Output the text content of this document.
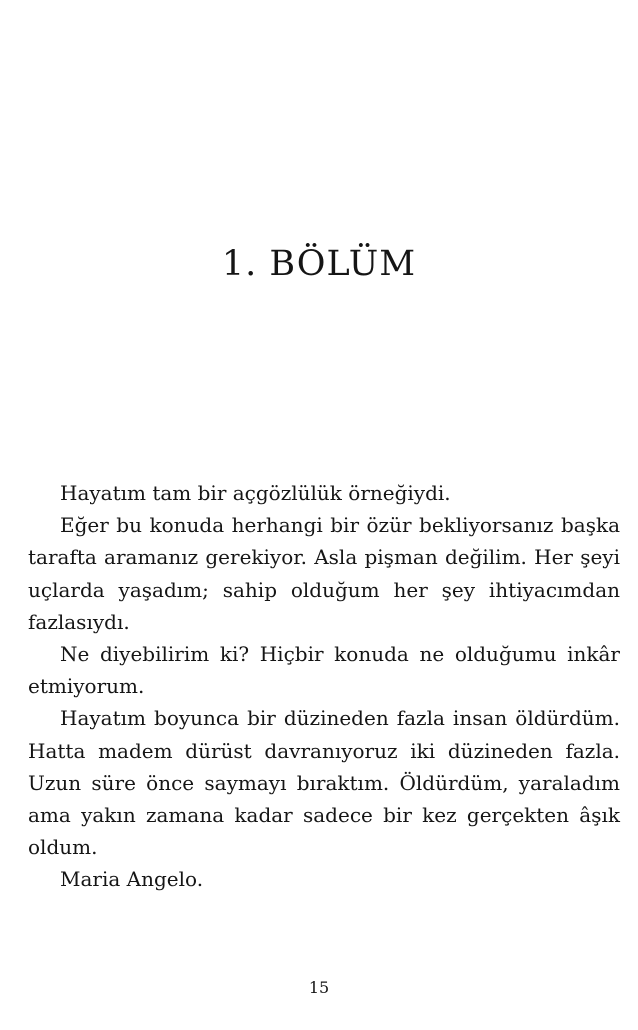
1. BÖLÜM

Hayatım tam bir açgözlülük örneğiydi.

Eğer bu konuda herhangi bir özür bekliyorsanız başka tarafta aramanız gerekiyor. Asla pişman değilim. Her şeyi uçlarda yaşadım; sahip olduğum her şey ihtiyacımdan fazlasıydı.

Ne diyebilirim ki? Hiçbir konuda ne olduğumu inkâr etmiyorum.

Hayatım boyunca bir düzineden fazla insan öldürdüm. Hatta madem dürüst davranıyoruz iki düzineden fazla. Uzun süre önce saymayı bıraktım. Öldürdüm, yaraladım ama yakın zamana kadar sadece bir kez gerçekten âşık oldum.

Maria Angelo.

15
